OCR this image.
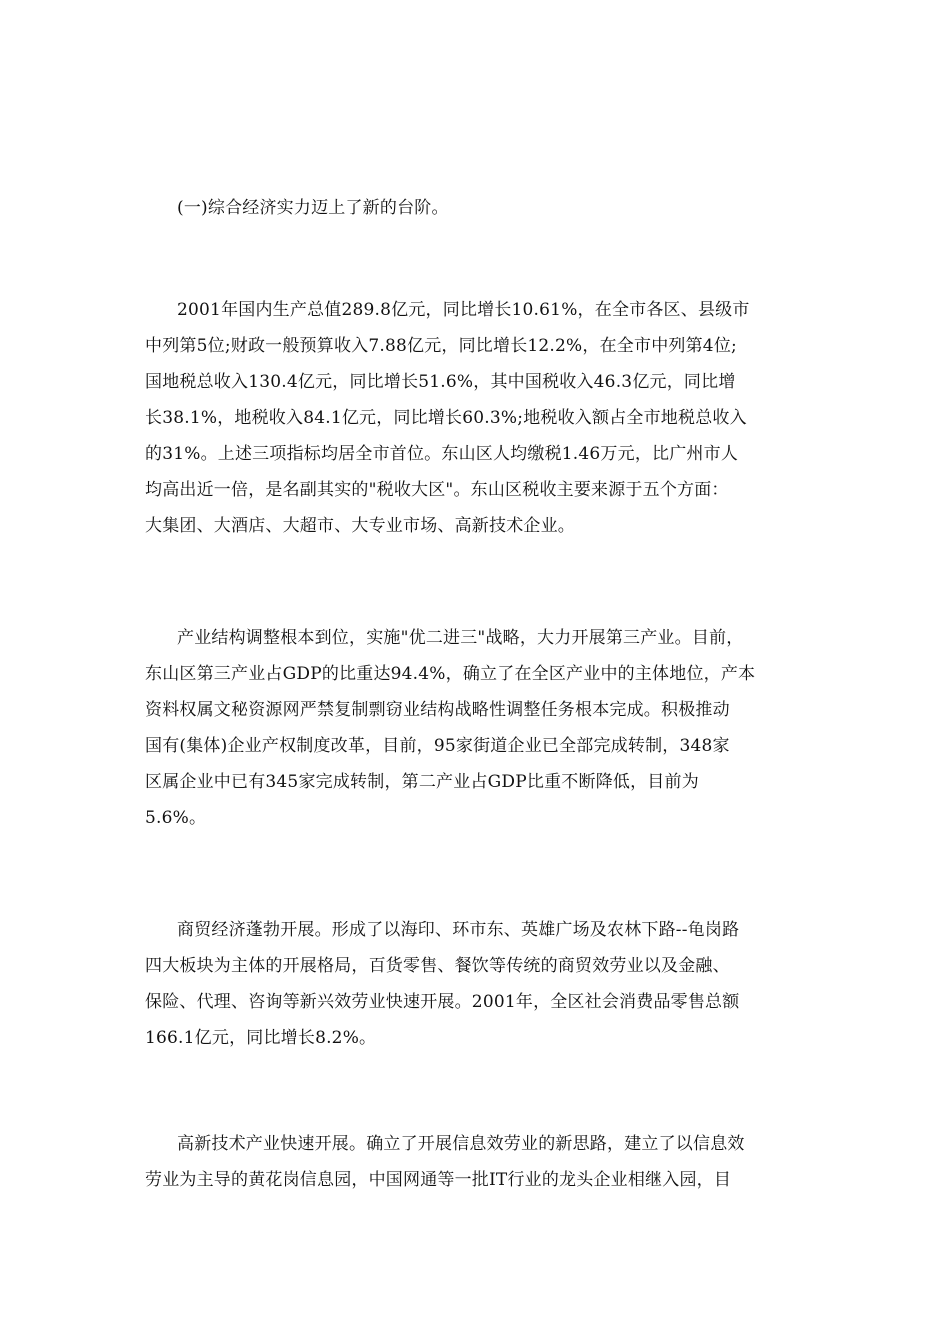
(一)综合经济实力迈上了新的台阶。

2001年国内生产总值289.8亿元，同比增长10.61%，在全市各区、县级市
中列第5位;财政一般预算收入7.88亿元，同比增长12.2%，在全市中列第4位;
国地税总收入130.4亿元，同比增长51.6%，其中国税收入46.3亿元，同比增
长38.1%，地税收入84.1亿元，同比增长60.3%;地税收入额占全市地税总收入
的31%。上述三项指标均居全市首位。东山区人均缴税1.46万元，比广州市人
均高出近一倍，是名副其实的"税收大区"。东山区税收主要来源于五个方面：
大集团、大酒店、大超市、大专业市场、高新技术企业。

产业结构调整根本到位，实施"优二进三"战略，大力开展第三产业。目前，
东山区第三产业占GDP的比重达94.4%，确立了在全区产业中的主体地位，产本
资料权属文秘资源网严禁复制剽窃业结构战略性调整任务根本完成。积极推动
国有(集体)企业产权制度改革，目前，95家街道企业已全部完成转制，348家
区属企业中已有345家完成转制，第二产业占GDP比重不断降低，目前为
5.6%。

商贸经济蓬勃开展。形成了以海印、环市东、英雄广场及农林下路--龟岗路
四大板块为主体的开展格局，百货零售、餐饮等传统的商贸效劳业以及金融、
保险、代理、咨询等新兴效劳业快速开展。2001年，全区社会消费品零售总额
166.1亿元，同比增长8.2%。

高新技术产业快速开展。确立了开展信息效劳业的新思路，建立了以信息效
劳业为主导的黄花岗信息园，中国网通等一批IT行业的龙头企业相继入园，目
